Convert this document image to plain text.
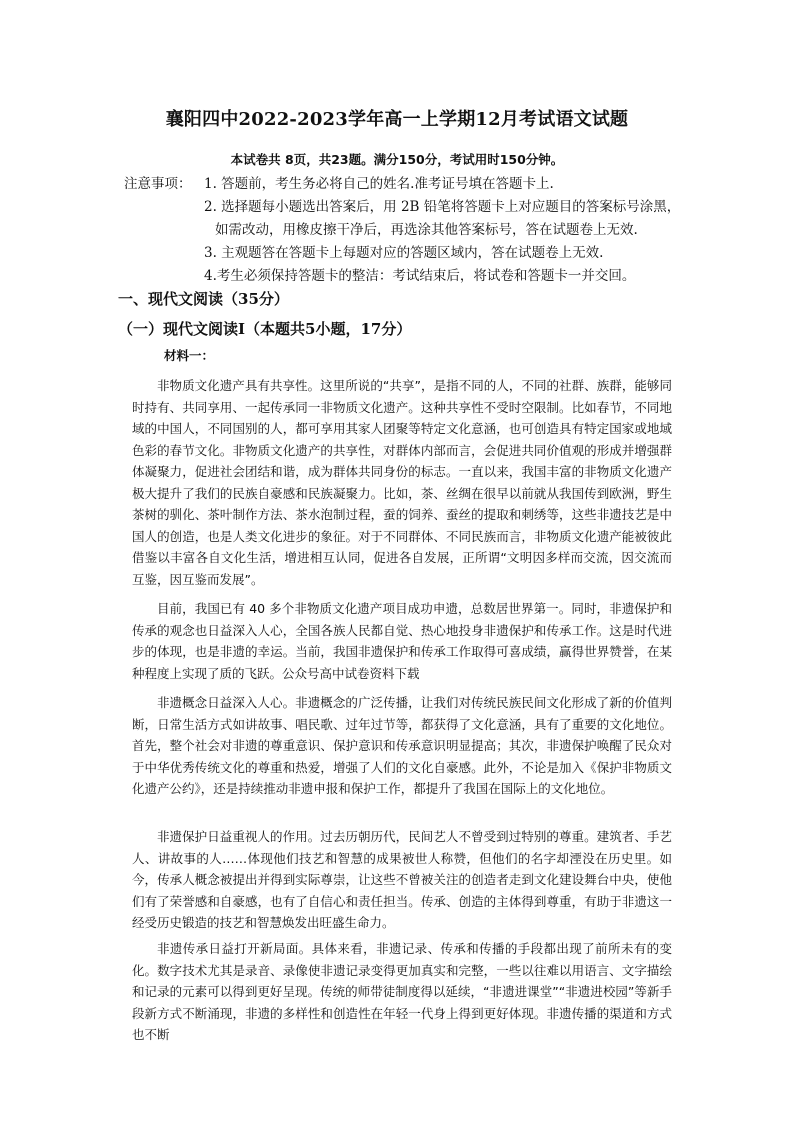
襄阳四中2022-2023学年高一上学期12月考试语文试题
本试卷共 8页，共23题。满分150分，考试用时150分钟。
注意事项： 1. 答题前，考生务必将自己的姓名.准考证号填在答题卡上.
2. 选择题每小题选出答案后，用 2B 铅笔将答题卡上对应题目的答案标号涂黑，
如需改动，用橡皮擦干净后，再选涂其他答案标号，答在试题卷上无效.
3. 主观题答在答题卡上每题对应的答题区域内，答在试题卷上无效.
4.考生必须保持答题卡的整洁：考试结束后，将试卷和答题卡一并交回。
一、现代文阅读（35分）
（一）现代文阅读Ⅰ（本题共5小题，17分）
材料一：

非物质文化遗产具有共享性。这里所说的“共享”，是指不同的人，不同的社群、族群，能够同时持有、共同享用、一起传承同一非物质文化遗产。这种共享性不受时空限制。比如春节，不同地域的中国人，不同国别的人，都可享用其家人团聚等特定文化意涵，也可创造具有特定国家或地域色彩的春节文化。非物质文化遗产的共享性，对群体内部而言，会促进共同价值观的形成并增强群体凝聚力，促进社会团结和谐，成为群体共同身份的标志。一直以来，我国丰富的非物质文化遗产极大提升了我们的民族自豪感和民族凝聚力。比如，茶、丝绸在很早以前就从我国传到欧洲，野生茶树的驯化、茶叶制作方法、茶水泡制过程，蚕的饲养、蚕丝的提取和刺绣等，这些非遗技艺是中国人的创造，也是人类文化进步的象征。对于不同群体、不同民族而言，非物质文化遗产能被彼此借鉴以丰富各自文化生活，增进相互认同，促进各自发展，正所谓“文明因多样而交流，因交流而互鉴，因互鉴而发展”。

目前，我国已有 40 多个非物质文化遗产项目成功申遗，总数居世界第一。同时，非遗保护和传承的观念也日益深入人心，全国各族人民都自觉、热心地投身非遗保护和传承工作。这是时代进步的体现，也是非遗的幸运。当前，我国非遗保护和传承工作取得可喜成绩，赢得世界赞誉，在某种程度上实现了质的飞跃。公众号高中试卷资料下载

非遗概念日益深入人心。非遗概念的广泛传播，让我们对传统民族民间文化形成了新的价值判断，日常生活方式如讲故事、唱民歌、过年过节等，都获得了文化意涵，具有了重要的文化地位。首先，整个社会对非遗的尊重意识、保护意识和传承意识明显提高；其次，非遗保护唤醒了民众对于中华优秀传统文化的尊重和热爱，增强了人们的文化自豪感。此外，不论是加入《保护非物质文化遗产公约》，还是持续推动非遗申报和保护工作，都提升了我国在国际上的文化地位。

非遗保护日益重视人的作用。过去历朝历代，民间艺人不曾受到过特别的尊重。建筑者、手艺人、讲故事的人……体现他们技艺和智慧的成果被世人称赞，但他们的名字却湮没在历史里。如今，传承人概念被提出并得到实际尊崇，让这些不曾被关注的创造者走到文化建设舞台中央，使他们有了荣誉感和自豪感，也有了自信心和责任担当。传承、创造的主体得到尊重，有助于非遗这一经受历史锻造的技艺和智慧焕发出旺盛生命力。

非遗传承日益打开新局面。具体来看，非遗记录、传承和传播的手段都出现了前所未有的变化。数字技术尤其是录音、录像使非遗记录变得更加真实和完整，一些以往难以用语言、文字描绘和记录的元素可以得到更好呈现。传统的师带徒制度得以延续，“非遗进课堂”“非遗进校园”等新手段新方式不断涌现，非遗的多样性和创造性在年轻一代身上得到更好体现。非遗传播的渠道和方式也不断
